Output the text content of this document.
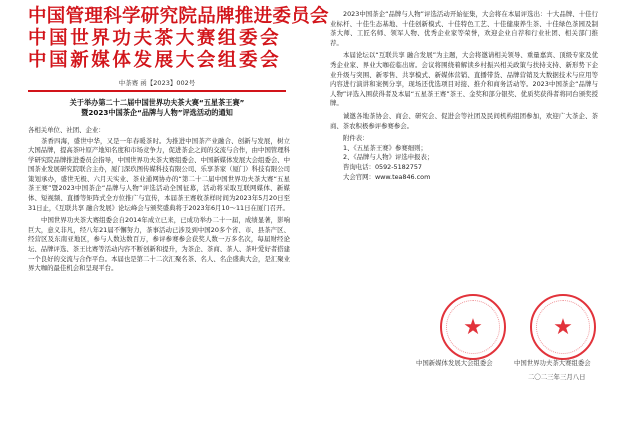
中国管理科学研究院品牌推进委员会
中国世界功夫茶大赛组委会
中国新媒体发展大会组委会
中茶赛 函【2023】002号
关于举办第二十二届中国世界功夫茶大赛“五星茶王赛”
暨2023中国茶企“品牌与人物”评选活动的通知
各相关单位、社团、企业：

茶香四海，盛世中华，又是一年春暖茶时。为推进中国茶产业融合、创新与发展，树立大国品牌，提高茶叶原产地知名度和市场竞争力，促进茶企之间的交流与合作，由中国管理科学研究院品牌推进委员会指导，中国世界功夫茶大赛组委会、中国新媒体发展大会组委会、中国茶业发展研究院联合主办，厦门深玖图传媒科技有限公司、乐享茶家（厦门）科技有限公司策划承办，盛世无极、六月天实业、茶业通网协办的“第二十二届中国世界功夫茶大赛“五星茶王赛”暨2023中国茶企“品牌与人物”评选活动全国征募，活动将采取互联网媒体、新媒体、短视频、直播等矩阵式全方位推广与宣传，本届茶王赛收茶样时间为2023年5月20日至31日止，《互联共享 融合发展》论坛峰会与颁奖盛典将于2023年6月10～11日在厦门召开。

中国世界功夫茶大赛组委会自2014年成立已来，已成功举办二十一届，成绩显著，影响巨大，意义非凡，经八年21届不懈努力，茶事活动已涉及到中国20多个省、市、县茶产区、经营区及东南亚地区，参与人数达数百万，参评参赛参会获奖人数一万多名次，每届财经论坛、品牌评选、茶王比赛等活动内容不断创新和提升，为茶企、茶商、茶人、茶叶爱好者搭建一个良好的交流与合作平台。本届也是第二十二次汇聚名茶、名人、名企盛典大会，是汇聚业界大咖的最佳机会和呈现平台。

2023中国茶企“品牌与人物”评选活动开始征集，大会将在本届评选出：十大品牌、十佳行业标杆、十佳生态基地、十佳创新模式、十佳特色工艺、十佳健康养生茶、十佳绿色茶园及制茶大师、工匠名师、领军人物、优秀企业家等荣誉，欢迎企业自荐和行业社团、相关部门推荐。

本届论坛以“互联共享 融合发展”为主题，大会将邀请相关领导、重量嘉宾、顶级专家及优秀企业家、界业大咖莅临出席。会议将围绕着解读乡村振兴相关政策与扶持支持、新形势下企业升级与突围、新零售、共享模式、新媒体营销、直播带货、品牌营销及大数据技术与应用等内容进行演讲和案例分享，现场还优选项目对接、推介和商务活动等。2023中国茶企“品牌与人物”评选入围获得者及本届“五星茶王赛”茶王、金奖和部分银奖、优质奖获得者将同台颁奖授牌。

诚邀各地茶协会、商会、研究会、促进会等社团及民间机构组团参加，欢迎广大茶企、茶商、茶农积极参评参赛参会。

附件表：
1、《五星茶王赛》参赛细则；
2、《品牌与人物》评选申报表；
咨询电话：0592-5182757
大会官网：www.tea846.com
★	★
中国新媒体发展大会组委会	中国世界功夫茶大赛组委会
二〇二三年三月八日
